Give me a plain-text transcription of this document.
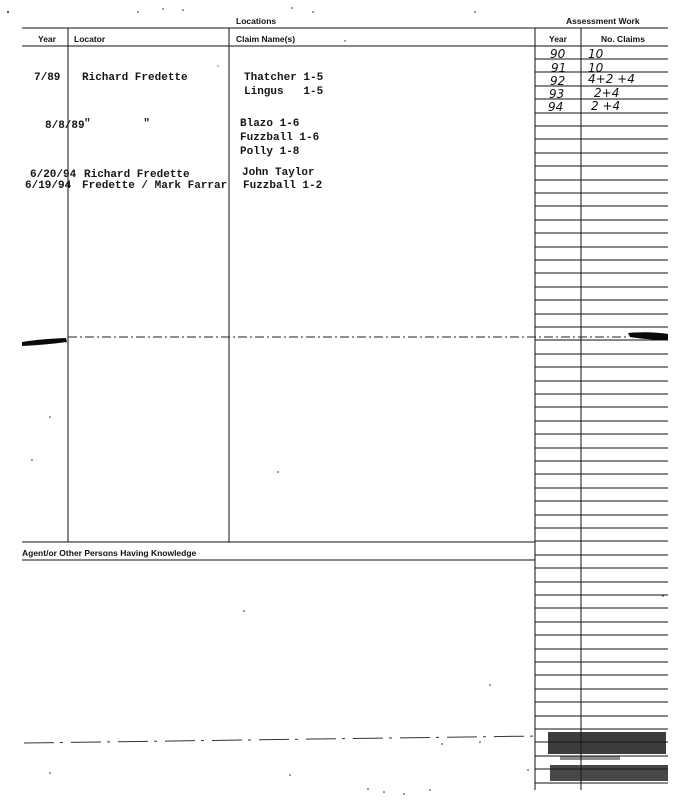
Locations	Assessment Work
Year Locator	Claim Name(s)	Year	No. Claims
7/89 Richard Fredette	Thatcher 1-5
Lingus   1-5
8/8/89 "        "	Blazo 1-6
Fuzzball 1-6
Polly 1-8
6/20/94 Richard Fredette	John Taylor
6/19/94 Fredette / Mark Farrar Fuzzball 1-2
90 10
91 10
92 4+2 +4
93 2+4
94 2 +4
Agent/or Other Persons Having Knowledge
